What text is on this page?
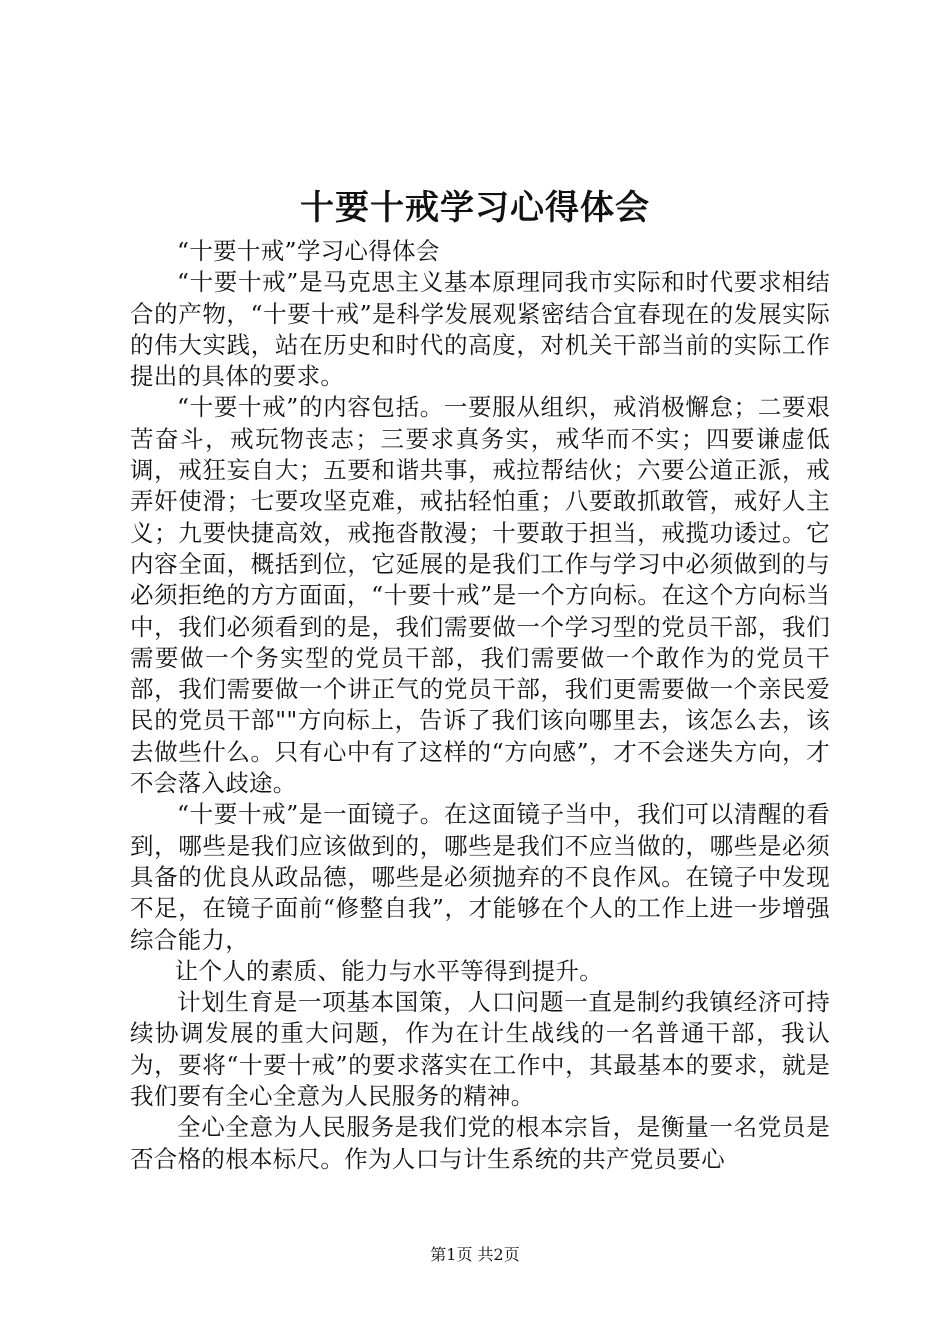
十要十戒学习心得体会

“十要十戒”学习心得体会

“十要十戒”是马克思主义基本原理同我市实际和时代要求相结合的产物，“十要十戒”是科学发展观紧密结合宜春现在的发展实际的伟大实践，站在历史和时代的高度，对机关干部当前的实际工作提出的具体的要求。

“十要十戒”的内容包括。一要服从组织，戒消极懈怠；二要艰苦奋斗，戒玩物丧志；三要求真务实，戒华而不实；四要谦虚低调，戒狂妄自大；五要和谐共事，戒拉帮结伙；六要公道正派，戒弄奸使滑；七要攻坚克难，戒拈轻怕重；八要敢抓敢管，戒好人主义；九要快捷高效，戒拖沓散漫；十要敢于担当，戒揽功诿过。它内容全面，概括到位，它延展的是我们工作与学习中必须做到的与必须拒绝的方方面面，“十要十戒”是一个方向标。在这个方向标当中，我们必须看到的是，我们需要做一个学习型的党员干部，我们需要做一个务实型的党员干部，我们需要做一个敢作为的党员干部，我们需要做一个讲正气的党员干部，我们更需要做一个亲民爱民的党员干部""方向标上，告诉了我们该向哪里去，该怎么去，该去做些什么。只有心中有了这样的“方向感”，才不会迷失方向，才不会落入歧途。

“十要十戒”是一面镜子。在这面镜子当中，我们可以清醒的看到，哪些是我们应该做到的，哪些是我们不应当做的，哪些是必须具备的优良从政品德，哪些是必须抛弃的不良作风。在镜子中发现不足，在镜子面前“修整自我”，才能够在个人的工作上进一步增强综合能力，

让个人的素质、能力与水平等得到提升。

计划生育是一项基本国策，人口问题一直是制约我镇经济可持续协调发展的重大问题，作为在计生战线的一名普通干部，我认为，要将“十要十戒”的要求落实在工作中，其最基本的要求，就是我们要有全心全意为人民服务的精神。

全心全意为人民服务是我们党的根本宗旨，是衡量一名党员是否合格的根本标尺。作为人口与计生系统的共产党员要心

第1页 共2页
